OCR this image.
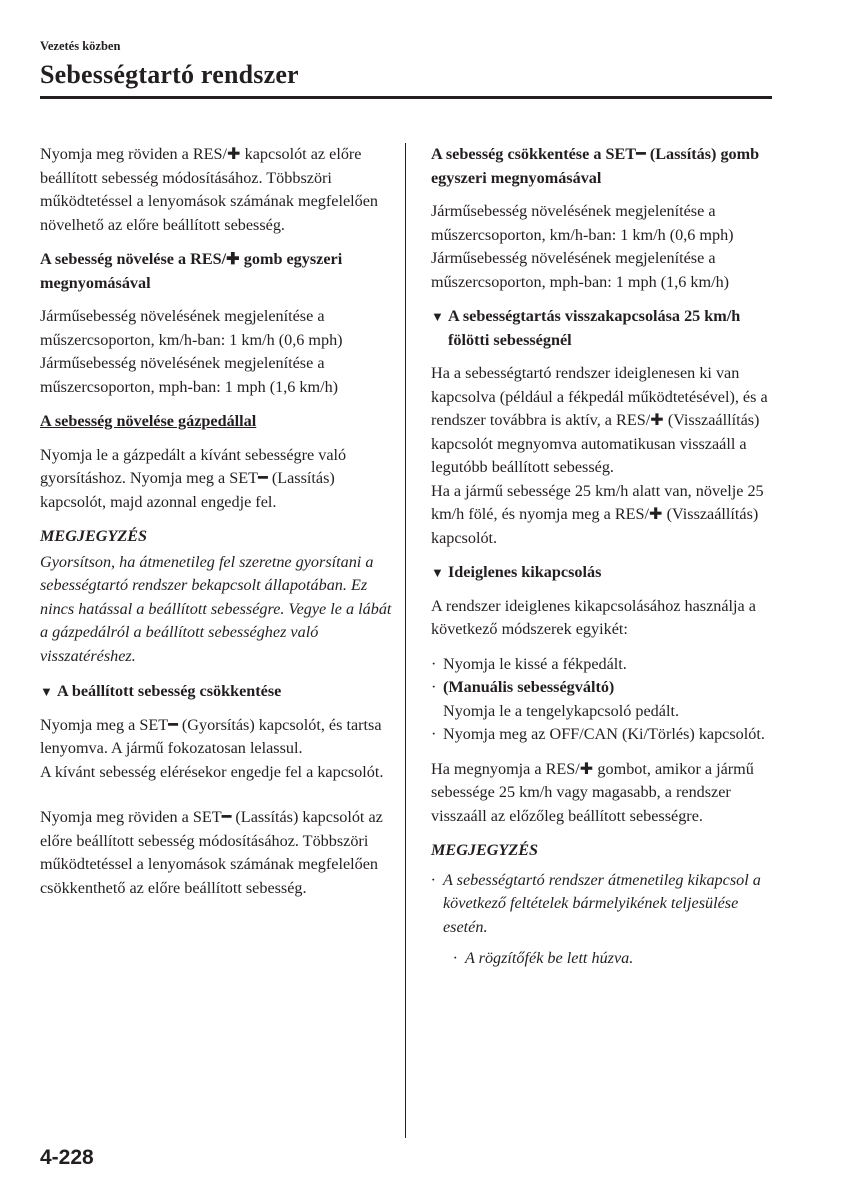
Vezetés közben
Sebességtartó rendszer

Nyomja meg röviden a RES/✚ kapcsolót az előre beállított sebesség módosításához. Többszöri működtetéssel a lenyomások számának megfelelően növelhető az előre beállított sebesség.

A sebesség növelése a RES/✚ gomb egyszeri megnyomásával

Járműsebesség növelésének megjelenítése a műszercsoporton, km/h-ban: 1 km/h (0,6 mph)

Járműsebesség növelésének megjelenítése a műszercsoporton, mph-ban: 1 mph (1,6 km/h)

A sebesség növelése gázpedállal

Nyomja le a gázpedált a kívánt sebességre való gyorsításhoz. Nyomja meg a SET━ (Lassítás) kapcsolót, majd azonnal engedje fel.

MEGJEGYZÉS

Gyorsítson, ha átmenetileg fel szeretne gyorsítani a sebességtartó rendszer bekapcsolt állapotában. Ez nincs hatással a beállított sebességre. Vegye le a lábát a gázpedálról a beállított sebességhez való visszatéréshez.

▼ A beállított sebesség csökkentése
Nyomja meg a SET━ (Gyorsítás) kapcsolót, és tartsa lenyomva. A jármű fokozatosan lelassul.

A kívánt sebesség elérésekor engedje fel a kapcsolót.

Nyomja meg röviden a SET━ (Lassítás) kapcsolót az előre beállított sebesség módosításához. Többszöri működtetéssel a lenyomások számának megfelelően csökkenthető az előre beállított sebesség.

A sebesség csökkentése a SET━ (Lassítás) gomb egyszeri megnyomásával

Járműsebesség növelésének megjelenítése a műszercsoporton, km/h-ban: 1 km/h (0,6 mph)

Járműsebesség növelésének megjelenítése a műszercsoporton, mph-ban: 1 mph (1,6 km/h)

▼ A sebességtartás visszakapcsolása 25 km/h fölötti sebességnél
Ha a sebességtartó rendszer ideiglenesen ki van kapcsolva (például a fékpedál működtetésével), és a rendszer továbbra is aktív, a RES/✚ (Visszaállítás) kapcsolót megnyomva automatikusan visszaáll a legutóbb beállított sebesség.

Ha a jármű sebessége 25 km/h alatt van, növelje 25 km/h fölé, és nyomja meg a RES/✚ (Visszaállítás) kapcsolót.

▼ Ideiglenes kikapcsolás

A rendszer ideiglenes kikapcsolásához használja a következő módszerek egyikét:

· Nyomja le kissé a fékpedált.
· (Manuális sebességváltó)
Nyomja le a tengelykapcsoló pedált.
· Nyomja meg az OFF/CAN (Ki/Törlés) kapcsolót.

Ha megnyomja a RES/✚ gombot, amikor a jármű sebessége 25 km/h vagy magasabb, a rendszer visszaáll az előzőleg beállított sebességre.

MEGJEGYZÉS
· A sebességtartó rendszer átmenetileg kikapcsol a következő feltételek bármelyikének teljesülése esetén.
· A rögzítőfék be lett húzva.
4-228
